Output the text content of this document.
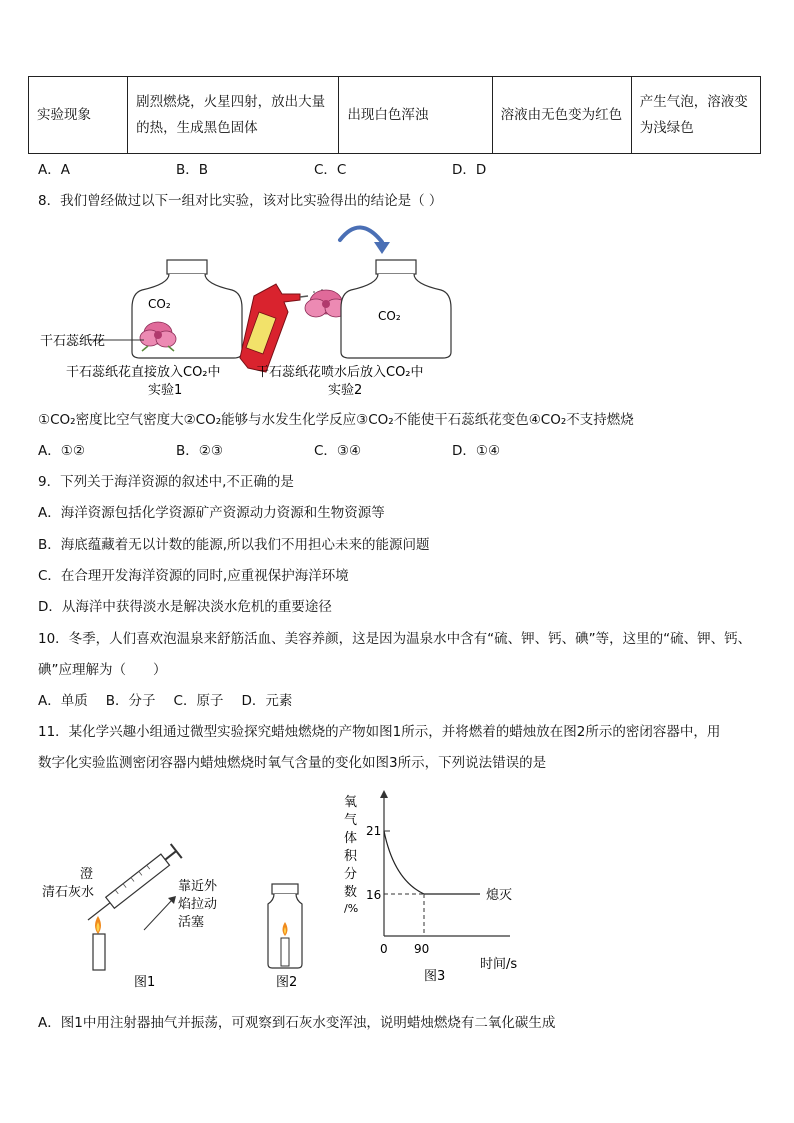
实验现象	剧烈燃烧，火星四射，放出大量的热，生成黑色固体	出现白色浑浊	溶液由无色变为红色	产生气泡，溶液变为浅绿色
A．A	B．B	C．C	D．D
8．我们曾经做过以下一组对比实验，该对比实验得出的结论是（ ）
CO₂
干石蕊纸花
CO₂
干石蕊纸花直接放入CO₂中
实验1
干石蕊纸花喷水后放入CO₂中
实验2
①CO₂密度比空气密度大②CO₂能够与水发生化学反应③CO₂不能使干石蕊纸花变色④CO₂不支持燃烧
A．①②	B．②③	C．③④	D．①④
9．下列关于海洋资源的叙述中,不正确的是
A．海洋资源包括化学资源矿产资源动力资源和生物资源等
B．海底蕴藏着无以计数的能源,所以我们不用担心未来的能源问题
C．在合理开发海洋资源的同时,应重视保护海洋环境
D．从海洋中获得淡水是解决淡水危机的重要途径
10．冬季，人们喜欢泡温泉来舒筋活血、美容养颜，这是因为温泉水中含有“硫、钾、钙、碘”等，这里的“硫、钾、钙、
碘”应理解为（　　）
A．单质 B．分子 C．原子 D．元素
11．某化学兴趣小组通过微型实验探究蜡烛燃烧的产物如图1所示，并将燃着的蜡烛放在图2所示的密闭容器中，用
数字化实验监测密闭容器内蜡烛燃烧时氧气含量的变化如图3所示，下列说法错误的是
澄
清石灰水	靠近外
焰拉动
活塞
图1	图2
氧
气
体
积
分
数
/%
21
16
0 90
熄灭
时间/s
图3
A．图1中用注射器抽气并振荡，可观察到石灰水变浑浊，说明蜡烛燃烧有二氧化碳生成
